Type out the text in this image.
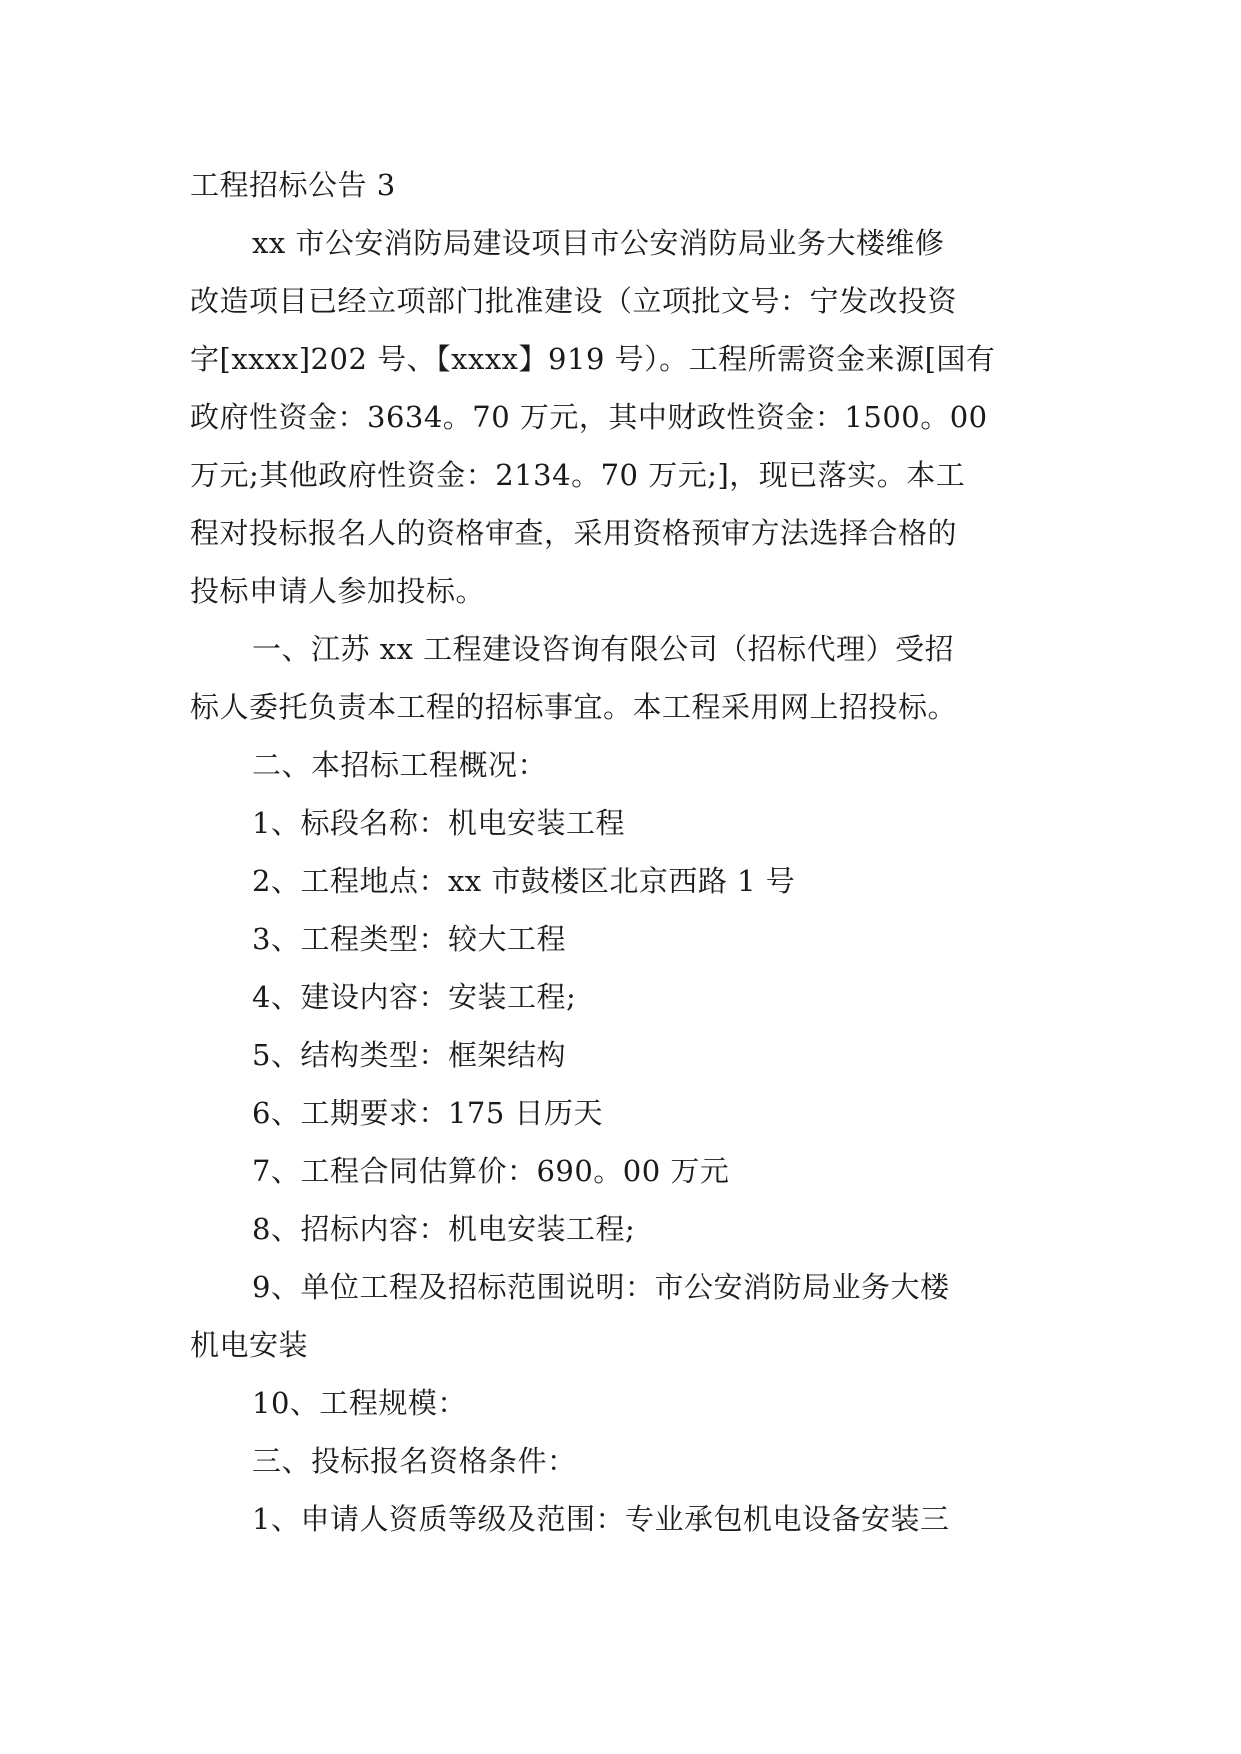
工程招标公告 3
xx 市公安消防局建设项目市公安消防局业务大楼维修
改造项目已经立项部门批准建设（立项批文号：宁发改投资
字[xxxx]202 号、【xxxx】919 号）。工程所需资金来源[国有
政府性资金：3634。70 万元，其中财政性资金：1500。00
万元;其他政府性资金：2134。70 万元;]，现已落实。本工
程对投标报名人的资格审查，采用资格预审方法选择合格的
投标申请人参加投标。
一、江苏 xx 工程建设咨询有限公司（招标代理）受招
标人委托负责本工程的招标事宜。本工程采用网上招投标。
二、本招标工程概况：
1、标段名称：机电安装工程
2、工程地点：xx 市鼓楼区北京西路 1 号
3、工程类型：较大工程
4、建设内容：安装工程;
5、结构类型：框架结构
6、工期要求：175 日历天
7、工程合同估算价：690。00 万元
8、招标内容：机电安装工程;
9、单位工程及招标范围说明：市公安消防局业务大楼
机电安装
10、工程规模：
三、投标报名资格条件：
1、申请人资质等级及范围：专业承包机电设备安装三
